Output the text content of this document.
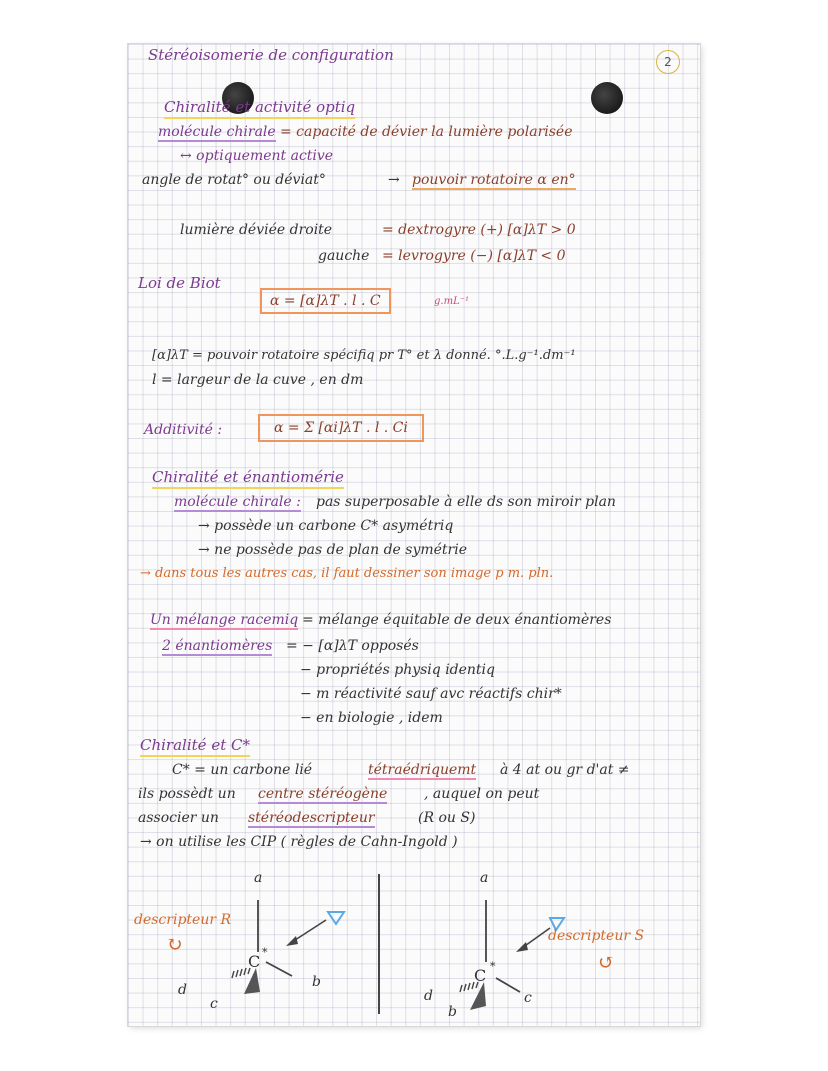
2
Stéréoisomerie de configuration
Chiralité et activité optiq
molécule chirale = capacité de dévier la lumière polarisée
↔ optiquement active
angle de rotat° ou déviat°	→ pouvoir rotatoire α en°
lumière déviée droite	= dextrogyre (+) [α]λT > 0
gauche = levrogyre (−) [α]λT < 0
Loi de Biot
α = [α]λT . l . C	g.mL⁻¹
[α]λT = pouvoir rotatoire spécifiq pr T° et λ donné. °.L.g⁻¹.dm⁻¹
l = largeur de la cuve , en dm
Additivité :	α = Σ [αi]λT . l . Ci
Chiralité et énantiomérie
molécule chirale : pas superposable à elle ds son miroir plan
→ possède un carbone C* asymétriq
→ ne possède pas de plan de symétrie
→ dans tous les autres cas, il faut dessiner son image p m. pln.
Un mélange racemiq = mélange équitable de deux énantiomères
2 énantiomères = − [α]λT opposés
− propriétés physiq identiq
− m réactivité sauf avc réactifs chir*
− en biologie , idem
Chiralité et C*
C* = un carbone lié	tétraédriquemt à 4 at ou gr d'at ≠
ils possèdt un centre stéréogène	, auquel on peut
associer un stéréodescripteur	(R ou S)
→ on utilise les CIP ( règles de Cahn-Ingold )
descripteur R
↻
a
C *
b
c
d
a
C *
c
b
d
descripteur S
↺
